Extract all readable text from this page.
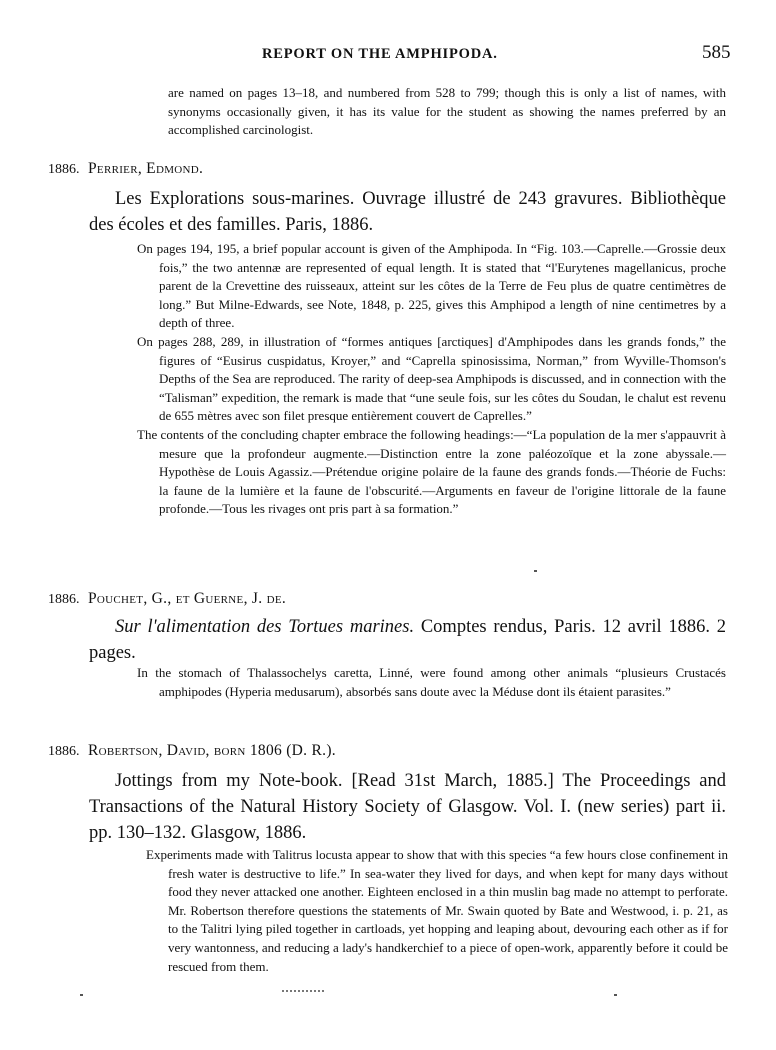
REPORT ON THE AMPHIPODA.	585

are named on pages 13–18, and numbered from 528 to 799; though this is only a list of names, with synonyms occasionally given, it has its value for the student as showing the names preferred by an accomplished carcinologist.

1886. Perrier, Edmond.

Les Explorations sous-marines. Ouvrage illustré de 243 gravures. Bibliothèque des écoles et des familles. Paris, 1886.

On pages 194, 195, a brief popular account is given of the Amphipoda. In “Fig. 103.—Caprelle.—Grossie deux fois,” the two antennæ are represented of equal length. It is stated that “l'Eurytenes magellanicus, proche parent de la Crevettine des ruisseaux, atteint sur les côtes de la Terre de Feu plus de quatre centimètres de long.” But Milne-Edwards, see Note, 1848, p. 225, gives this Amphipod a length of nine centimetres by a depth of three.

On pages 288, 289, in illustration of “formes antiques [arctiques] d'Amphipodes dans les grands fonds,” the figures of “Eusirus cuspidatus, Kroyer,” and “Caprella spinosissima, Norman,” from Wyville-Thomson's Depths of the Sea are reproduced. The rarity of deep-sea Amphipods is discussed, and in connection with the “Talisman” expedition, the remark is made that “une seule fois, sur les côtes du Soudan, le chalut est revenu de 655 mètres avec son filet presque entièrement couvert de Caprelles.”

The contents of the concluding chapter embrace the following headings:—“La population de la mer s'appauvrit à mesure que la profondeur augmente.—Distinction entre la zone paléozoïque et la zone abyssale.—Hypothèse de Louis Agassiz.—Prétendue origine polaire de la faune des grands fonds.—Théorie de Fuchs: la faune de la lumière et la faune de l'obscurité.—Arguments en faveur de l'origine littorale de la faune profonde.—Tous les rivages ont pris part à sa formation.”

1886. Pouchet, G., et Guerne, J. de.

Sur l'alimentation des Tortues marines. Comptes rendus, Paris. 12 avril 1886. 2 pages.

In the stomach of Thalassochelys caretta, Linné, were found among other animals “plusieurs Crustacés amphipodes (Hyperia medusarum), absorbés sans doute avec la Méduse dont ils étaient parasites.”

1886. Robertson, David, born 1806 (D. R.).

Jottings from my Note-book. [Read 31st March, 1885.] The Proceedings and Transactions of the Natural History Society of Glasgow. Vol. I. (new series) part ii. pp. 130–132. Glasgow, 1886.

Experiments made with Talitrus locusta appear to show that with this species “a few hours close confinement in fresh water is destructive to life.” In sea-water they lived for days, and when kept for many days without food they never attacked one another. Eighteen enclosed in a thin muslin bag made no attempt to perforate. Mr. Robertson therefore questions the statements of Mr. Swain quoted by Bate and Westwood, i. p. 21, as to the Talitri lying piled together in cartloads, yet hopping and leaping about, devouring each other as if for very wantonness, and reducing a lady's handkerchief to a piece of open-work, apparently before it could be rescued from them.
